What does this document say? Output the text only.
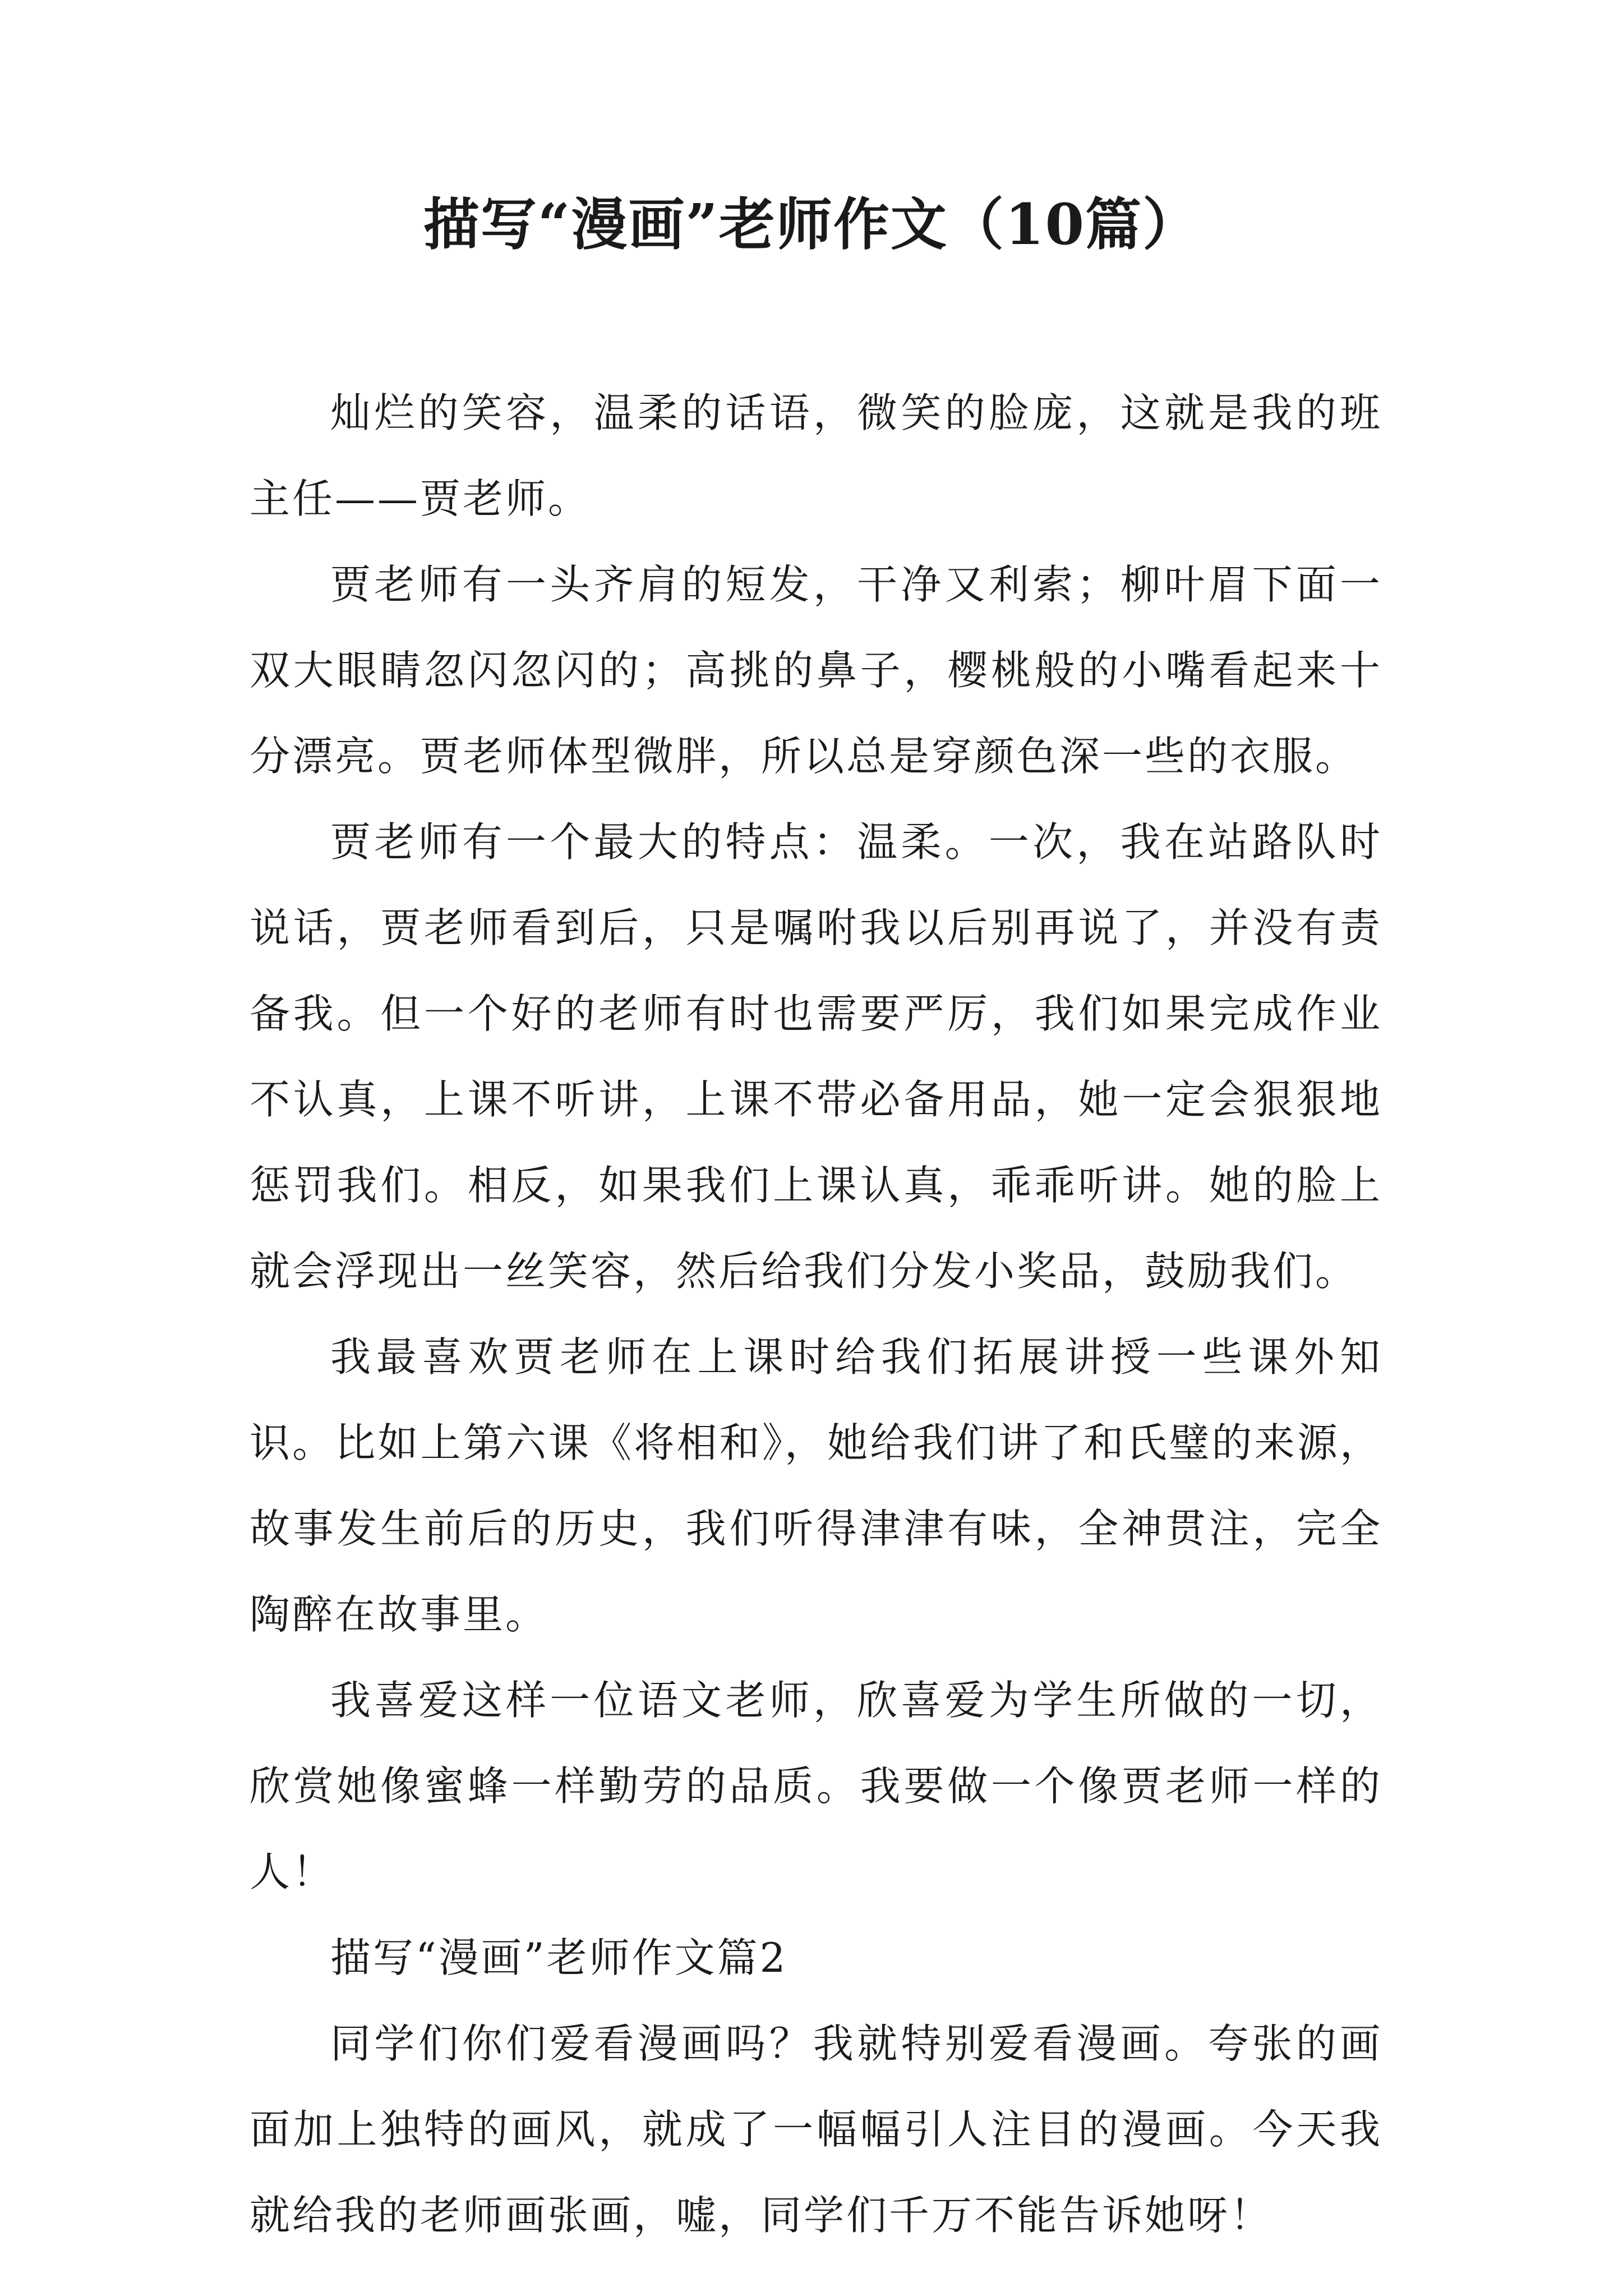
描写“漫画”老师作文（10篇）

灿烂的笑容，温柔的话语，微笑的脸庞，这就是我的班主任——贾老师。

贾老师有一头齐肩的短发，干净又利索；柳叶眉下面一双大眼睛忽闪忽闪的；高挑的鼻子，樱桃般的小嘴看起来十分漂亮。贾老师体型微胖，所以总是穿颜色深一些的衣服。

贾老师有一个最大的特点：温柔。一次，我在站路队时说话，贾老师看到后，只是嘱咐我以后别再说了，并没有责备我。但一个好的老师有时也需要严厉，我们如果完成作业不认真，上课不听讲，上课不带必备用品，她一定会狠狠地惩罚我们。相反，如果我们上课认真，乖乖听讲。她的脸上就会浮现出一丝笑容，然后给我们分发小奖品，鼓励我们。

我最喜欢贾老师在上课时给我们拓展讲授一些课外知识。比如上第六课《将相和》，她给我们讲了和氏璧的来源，故事发生前后的历史，我们听得津津有味，全神贯注，完全陶醉在故事里。

我喜爱这样一位语文老师，欣喜爱为学生所做的一切，欣赏她像蜜蜂一样勤劳的品质。我要做一个像贾老师一样的人！

描写“漫画”老师作文篇2

同学们你们爱看漫画吗？我就特别爱看漫画。夸张的画面加上独特的画风，就成了一幅幅引人注目的漫画。今天我就给我的老师画张画，嘘，同学们千万不能告诉她呀！
